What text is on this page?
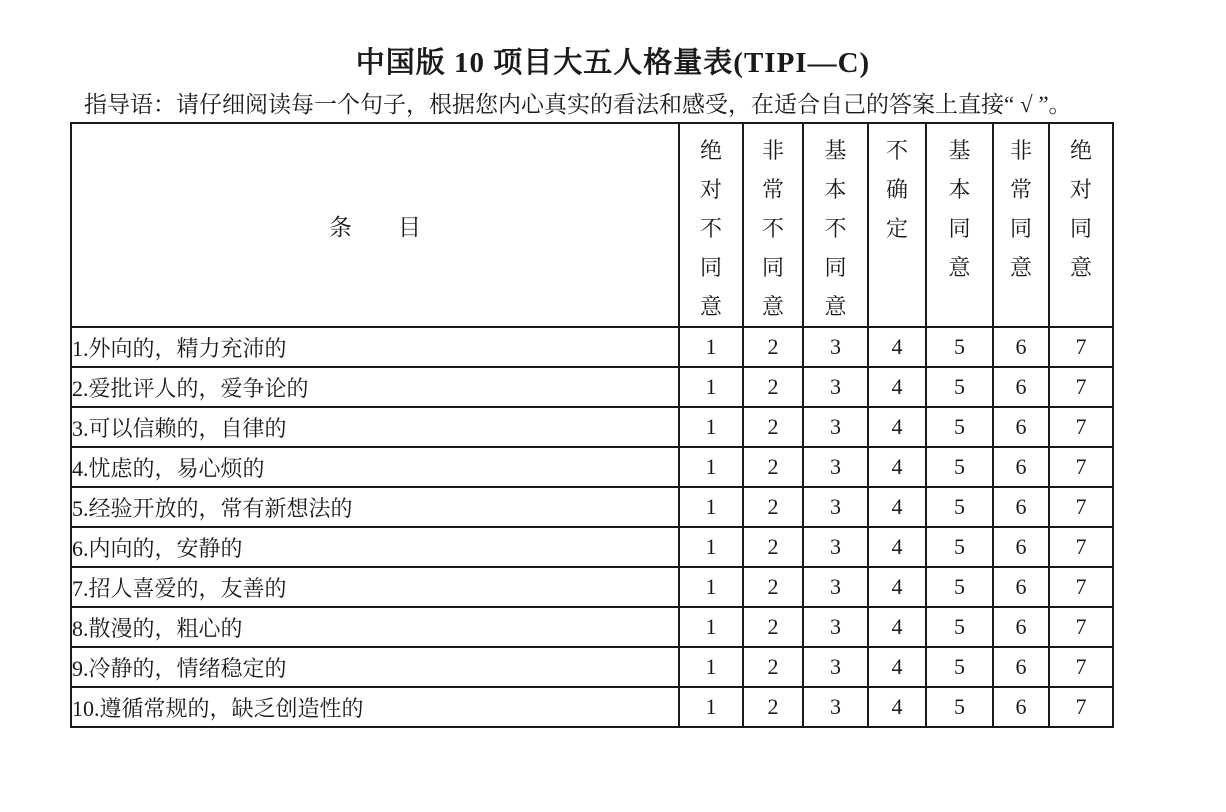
中国版 10 项目大五人格量表(TIPI—C)

指导语：请仔细阅读每一个句子，根据您内心真实的看法和感受，在适合自己的答案上直接“ √ ”。

条　　目	绝对不同意	非常不同意	基本不同意	不确定	基本同意	非常同意	绝对同意

1.外向的，精力充沛的	1	2	3	4	5	6	7
2.爱批评人的，爱争论的	1	2	3	4	5	6	7
3.可以信赖的，自律的	1	2	3	4	5	6	7
4.忧虑的，易心烦的	1	2	3	4	5	6	7
5.经验开放的，常有新想法的	1	2	3	4	5	6	7
6.内向的，安静的	1	2	3	4	5	6	7
7.招人喜爱的，友善的	1	2	3	4	5	6	7
8.散漫的，粗心的	1	2	3	4	5	6	7
9.冷静的，情绪稳定的	1	2	3	4	5	6	7
10.遵循常规的，缺乏创造性的	1	2	3	4	5	6	7
